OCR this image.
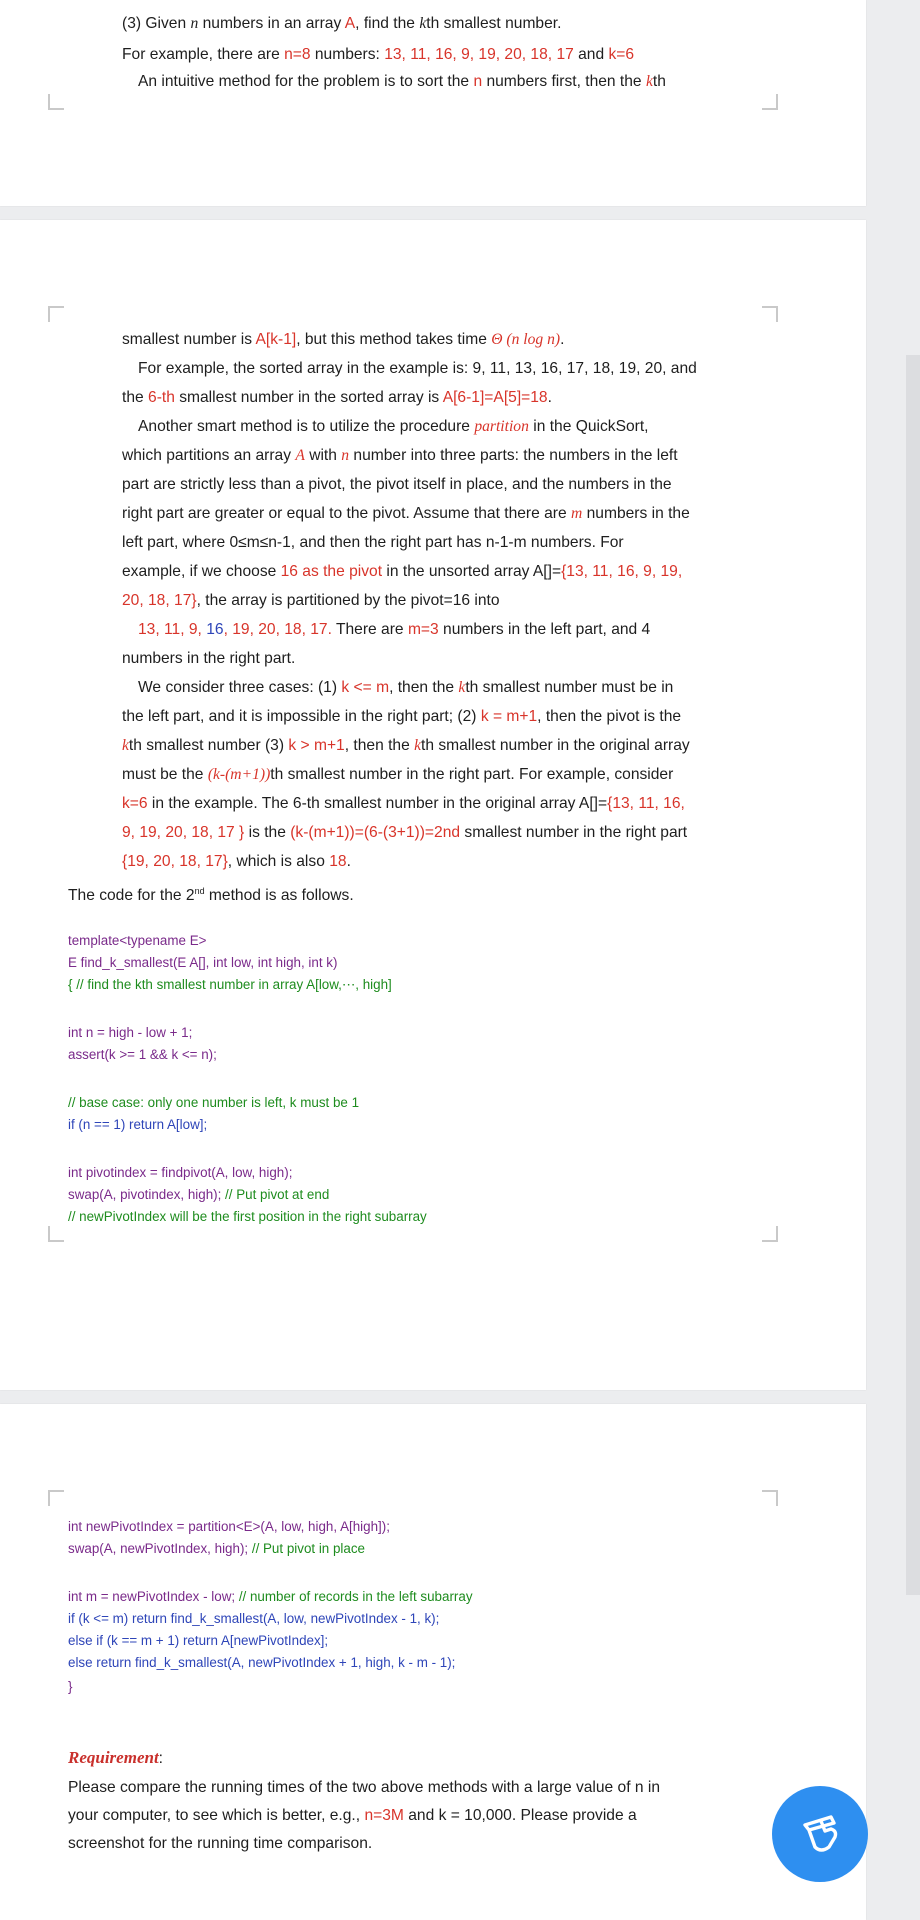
(3) Given n numbers in an array A, find the kth smallest number.
For example, there are n=8 numbers: 13, 11, 16, 9, 19, 20, 18, 17 and k=6
An intuitive method for the problem is to sort the n numbers first, then the kth
smallest number is A[k-1], but this method takes time Θ (n log n).
For example, the sorted array in the example is: 9, 11, 13, 16, 17, 18, 19, 20, and
the 6-th smallest number in the sorted array is A[6-1]=A[5]=18.
Another smart method is to utilize the procedure partition in the QuickSort,
which partitions an array A with n number into three parts: the numbers in the left
part are strictly less than a pivot, the pivot itself in place, and the numbers in the
right part are greater or equal to the pivot. Assume that there are m numbers in the
left part, where 0≤m≤n-1, and then the right part has n-1-m numbers. For
example, if we choose 16 as the pivot in the unsorted array A[]={13, 11, 16, 9, 19,
20, 18, 17}, the array is partitioned by the pivot=16 into
13, 11, 9, 16, 19, 20, 18, 17. There are m=3 numbers in the left part, and 4
numbers in the right part.
We consider three cases: (1) k <= m, then the kth smallest number must be in
the left part, and it is impossible in the right part; (2) k = m+1, then the pivot is the
kth smallest number (3) k > m+1, then the kth smallest number in the original array
must be the (k-(m+1))th smallest number in the right part. For example, consider
k=6 in the example. The 6-th smallest number in the original array A[]={13, 11, 16,
9, 19, 20, 18, 17 } is the (k-(m+1))=(6-(3+1))=2nd smallest number in the right part
{19, 20, 18, 17}, which is also 18.
The code for the 2nd method is as follows.
template<typename E>
E find_k_smallest(E A[], int low, int high, int k)
{ // find the kth smallest number in array A[low,⋯, high]
int n = high - low + 1;
assert(k >= 1 && k <= n);
// base case: only one number is left, k must be 1
if (n == 1) return A[low];
int pivotindex = findpivot(A, low, high);
swap(A, pivotindex, high); // Put pivot at end
// newPivotIndex will be the first position in the right subarray
int newPivotIndex = partition<E>(A, low, high, A[high]);
swap(A, newPivotIndex, high); // Put pivot in place
int m = newPivotIndex - low; // number of records in the left subarray
if (k <= m) return find_k_smallest(A, low, newPivotIndex - 1, k);
else if (k == m + 1) return A[newPivotIndex];
else return find_k_smallest(A, newPivotIndex + 1, high, k - m - 1);
}
Requirement:
Please compare the running times of the two above methods with a large value of n in
your computer, to see which is better, e.g., n=3M and k = 10,000. Please provide a
screenshot for the running time comparison.
